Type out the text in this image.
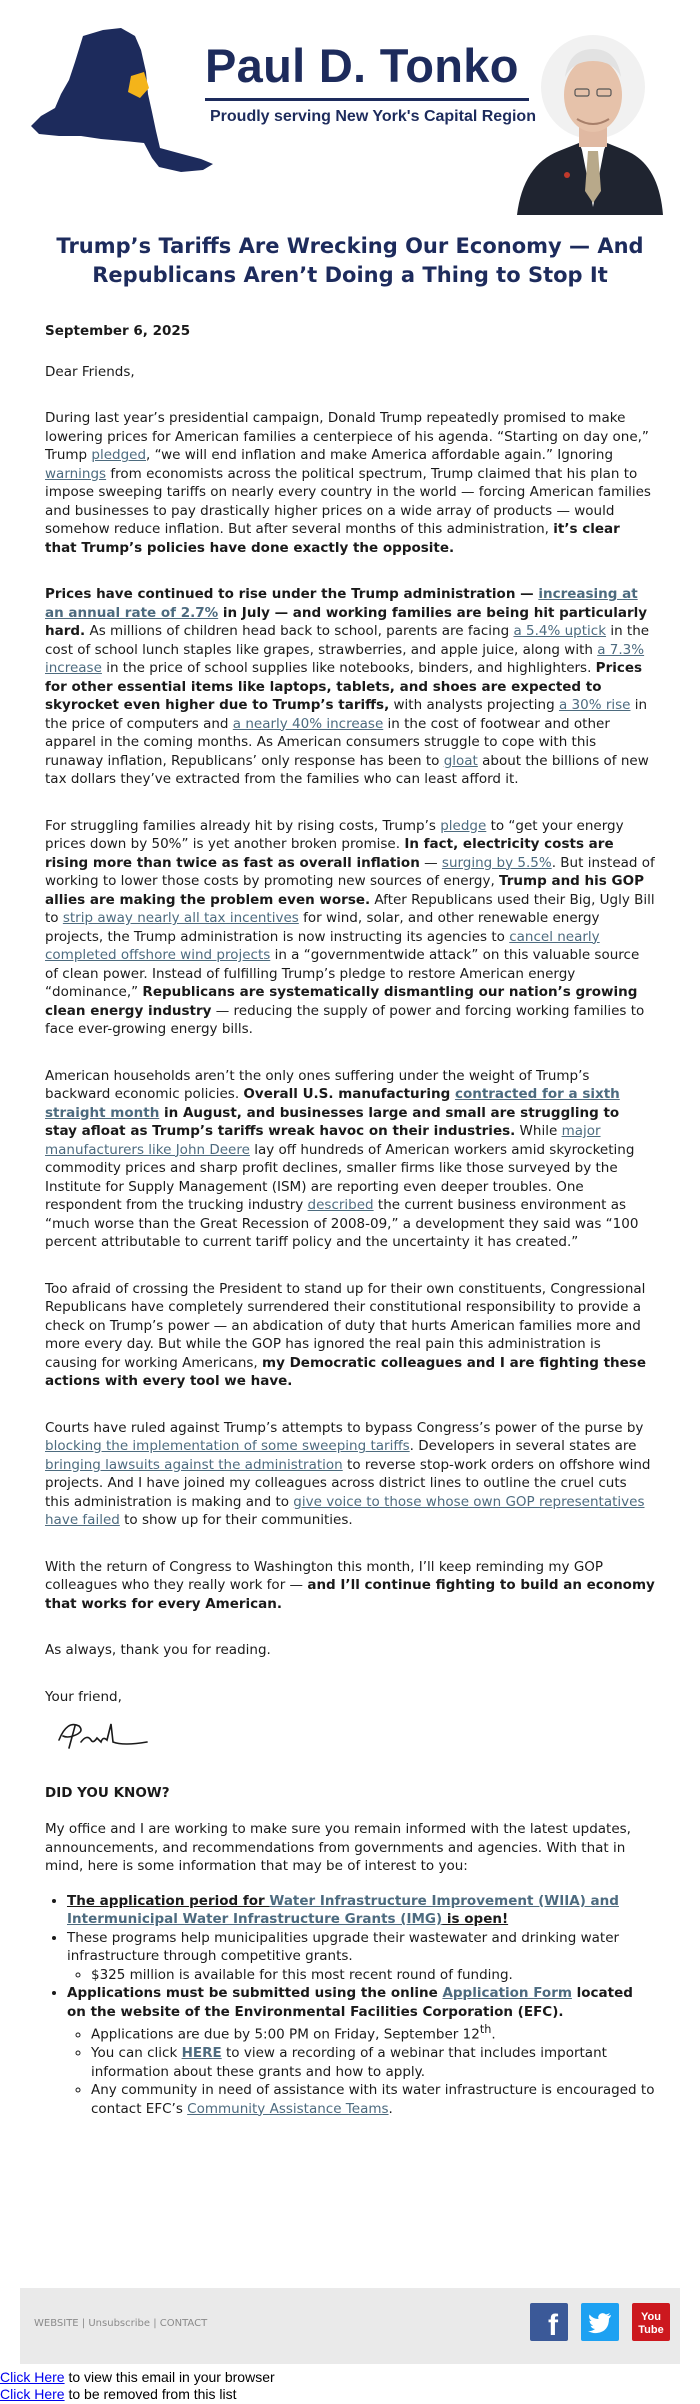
Paul D. Tonko
Proudly serving New York's Capital Region
Trump’s Tariffs Are Wrecking Our Economy — And Republicans Aren’t Doing a Thing to Stop It

September 6, 2025

Dear Friends,

During last year’s presidential campaign, Donald Trump repeatedly promised to make lowering prices for American families a centerpiece of his agenda. “Starting on day one,” Trump pledged, “we will end inflation and make America affordable again.” Ignoring warnings from economists across the political spectrum, Trump claimed that his plan to impose sweeping tariffs on nearly every country in the world — forcing American families and businesses to pay drastically higher prices on a wide array of products — would somehow reduce inflation. But after several months of this administration, it’s clear that Trump’s policies have done exactly the opposite.

Prices have continued to rise under the Trump administration — increasing at an annual rate of 2.7% in July — and working families are being hit particularly hard. As millions of children head back to school, parents are facing a 5.4% uptick in the cost of school lunch staples like grapes, strawberries, and apple juice, along with a 7.3% increase in the price of school supplies like notebooks, binders, and highlighters. Prices for other essential items like laptops, tablets, and shoes are expected to skyrocket even higher due to Trump’s tariffs, with analysts projecting a 30% rise in the price of computers and a nearly 40% increase in the cost of footwear and other apparel in the coming months. As American consumers struggle to cope with this runaway inflation, Republicans’ only response has been to gloat about the billions of new tax dollars they’ve extracted from the families who can least afford it.

For struggling families already hit by rising costs, Trump’s pledge to “get your energy prices down by 50%” is yet another broken promise. In fact, electricity costs are rising more than twice as fast as overall inflation — surging by 5.5%. But instead of working to lower those costs by promoting new sources of energy, Trump and his GOP allies are making the problem even worse. After Republicans used their Big, Ugly Bill to strip away nearly all tax incentives for wind, solar, and other renewable energy projects, the Trump administration is now instructing its agencies to cancel nearly completed offshore wind projects in a “governmentwide attack” on this valuable source of clean power. Instead of fulfilling Trump’s pledge to restore American energy “dominance,” Republicans are systematically dismantling our nation’s growing clean energy industry — reducing the supply of power and forcing working families to face ever-growing energy bills.

American households aren’t the only ones suffering under the weight of Trump’s backward economic policies. Overall U.S. manufacturing contracted for a sixth straight month in August, and businesses large and small are struggling to stay afloat as Trump’s tariffs wreak havoc on their industries. While major manufacturers like John Deere lay off hundreds of American workers amid skyrocketing commodity prices and sharp profit declines, smaller firms like those surveyed by the Institute for Supply Management (ISM) are reporting even deeper troubles. One respondent from the trucking industry described the current business environment as “much worse than the Great Recession of 2008-09,” a development they said was “100 percent attributable to current tariff policy and the uncertainty it has created.”

Too afraid of crossing the President to stand up for their own constituents, Congressional Republicans have completely surrendered their constitutional responsibility to provide a check on Trump’s power — an abdication of duty that hurts American families more and more every day. But while the GOP has ignored the real pain this administration is causing for working Americans, my Democratic colleagues and I are fighting these actions with every tool we have.

Courts have ruled against Trump’s attempts to bypass Congress’s power of the purse by blocking the implementation of some sweeping tariffs. Developers in several states are bringing lawsuits against the administration to reverse stop-work orders on offshore wind projects. And I have joined my colleagues across district lines to outline the cruel cuts this administration is making and to give voice to those whose own GOP representatives have failed to show up for their communities.

With the return of Congress to Washington this month, I’ll keep reminding my GOP colleagues who they really work for — and I’ll continue fighting to build an economy that works for every American.

As always, thank you for reading.

Your friend,

DID YOU KNOW?

My office and I are working to make sure you remain informed with the latest updates, announcements, and recommendations from governments and agencies. With that in mind, here is some information that may be of interest to you:

• The application period for Water Infrastructure Improvement (WIIA) and Intermunicipal Water Infrastructure Grants (IMG) is open!
• These programs help municipalities upgrade their wastewater and drinking water infrastructure through competitive grants.
◦ $325 million is available for this most recent round of funding.
• Applications must be submitted using the online Application Form located on the website of the Environmental Facilities Corporation (EFC).
◦ Applications are due by 5:00 PM on Friday, September 12th.
◦ You can click HERE to view a recording of a webinar that includes important information about these grants and how to apply.
◦ Any community in need of assistance with its water infrastructure is encouraged to contact EFC’s Community Assistance Teams.
WEBSITE | Unsubscribe | CONTACT	f	You
Tube
Click Here to view this email in your browser
Click Here to be removed from this list
